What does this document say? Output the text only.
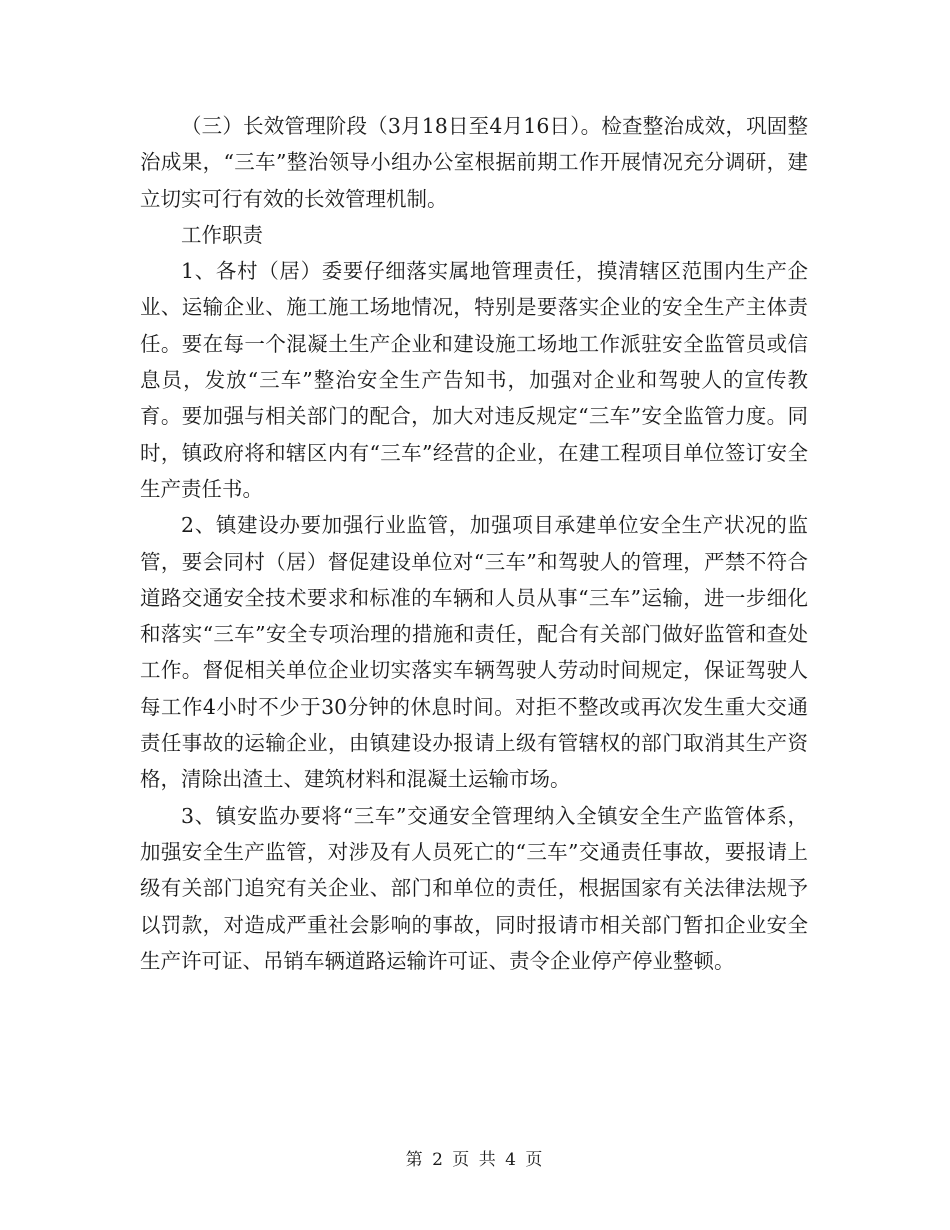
（三）长效管理阶段（3月18日至4月16日）。检查整治成效，巩固整治成果，“三车”整治领导小组办公室根据前期工作开展情况充分调研，建立切实可行有效的长效管理机制。

工作职责

1、各村（居）委要仔细落实属地管理责任，摸清辖区范围内生产企业、运输企业、施工施工场地情况，特别是要落实企业的安全生产主体责任。要在每一个混凝土生产企业和建设施工场地工作派驻安全监管员或信息员，发放“三车”整治安全生产告知书，加强对企业和驾驶人的宣传教育。要加强与相关部门的配合，加大对违反规定“三车”安全监管力度。同时，镇政府将和辖区内有“三车”经营的企业，在建工程项目单位签订安全生产责任书。

2、镇建设办要加强行业监管，加强项目承建单位安全生产状况的监管，要会同村（居）督促建设单位对“三车”和驾驶人的管理，严禁不符合道路交通安全技术要求和标准的车辆和人员从事“三车”运输，进一步细化和落实“三车”安全专项治理的措施和责任，配合有关部门做好监管和查处工作。督促相关单位企业切实落实车辆驾驶人劳动时间规定，保证驾驶人每工作4小时不少于30分钟的休息时间。对拒不整改或再次发生重大交通责任事故的运输企业，由镇建设办报请上级有管辖权的部门取消其生产资格，清除出渣土、建筑材料和混凝土运输市场。

3、镇安监办要将“三车”交通安全管理纳入全镇安全生产监管体系，加强安全生产监管，对涉及有人员死亡的“三车”交通责任事故，要报请上级有关部门追究有关企业、部门和单位的责任，根据国家有关法律法规予以罚款，对造成严重社会影响的事故，同时报请市相关部门暂扣企业安全生产许可证、吊销车辆道路运输许可证、责令企业停产停业整顿。

第 2 页 共 4 页
